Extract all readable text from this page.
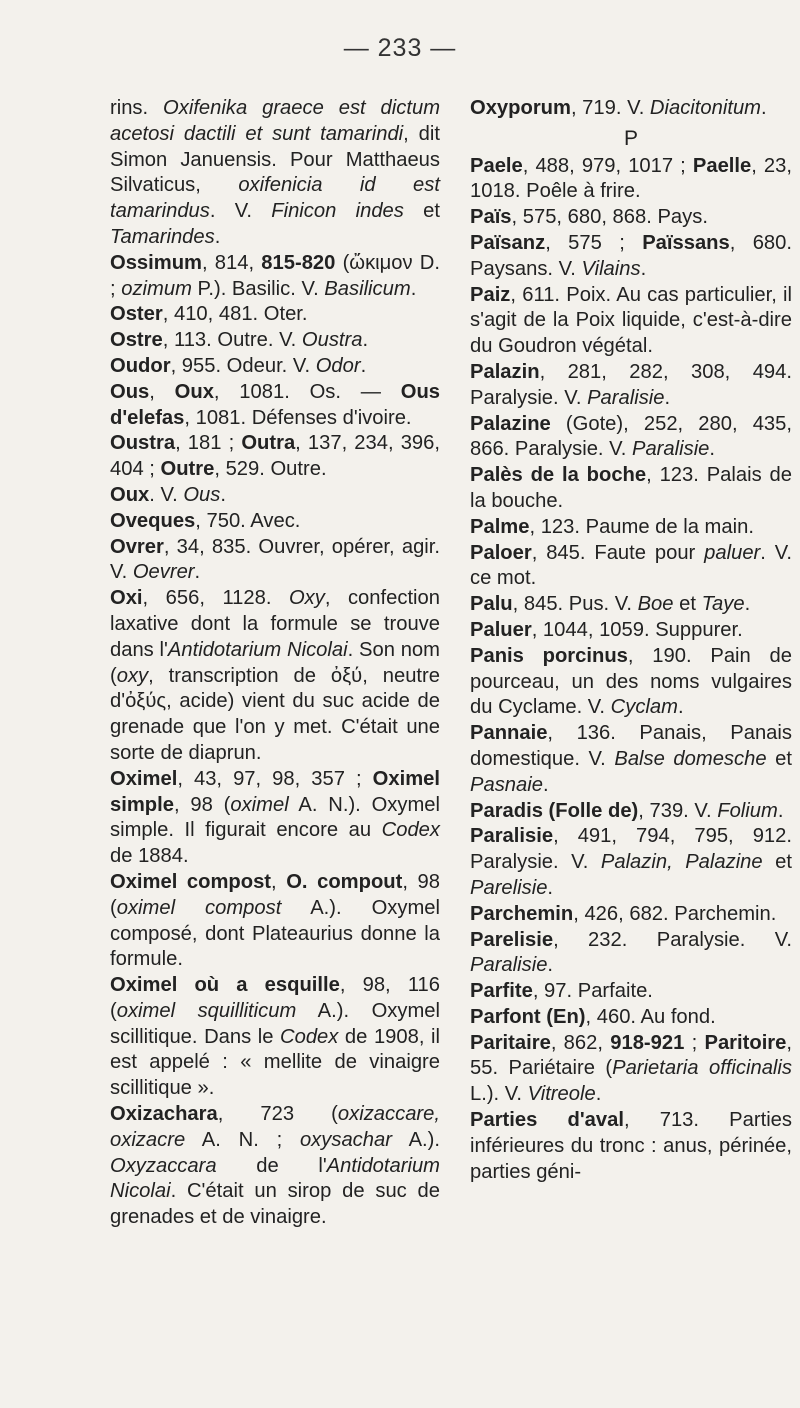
— 233 —

rins. Oxifenika graece est dictum acetosi dactili et sunt tamarindi, dit Simon Januensis. Pour Matthaeus Silvaticus, oxifenicia id est tamarindus. V. Finicon indes et Tamarindes.

Ossimum, 814, 815-820 (ὤκιμον D. ; ozimum P.). Basilic. V. Basilicum.

Oster, 410, 481. Oter.

Ostre, 113. Outre. V. Oustra.

Oudor, 955. Odeur. V. Odor.

Ous, Oux, 1081. Os. — Ous d'elefas, 1081. Défenses d'ivoire.

Oustra, 181 ; Outra, 137, 234, 396, 404 ; Outre, 529. Outre.

Oux. V. Ous.

Oveques, 750. Avec.

Ovrer, 34, 835. Ouvrer, opérer, agir. V. Oevrer.

Oxi, 656, 1128. Oxy, confection laxative dont la formule se trouve dans l'Antidotarium Nicolai. Son nom (oxy, transcription de ὀξύ, neutre d'ὀξύς, acide) vient du suc acide de grenade que l'on y met. C'était une sorte de diaprun.

Oximel, 43, 97, 98, 357 ; Oximel simple, 98 (oximel A. N.). Oxymel simple. Il figurait encore au Codex de 1884.

Oximel compost, O. compout, 98 (oximel compost A.). Oxymel composé, dont Plateaurius donne la formule.

Oximel où a esquille, 98, 116 (oximel squilliticum A.). Oxymel scillitique. Dans le Codex de 1908, il est appelé : « mellite de vinaigre scillitique ».

Oxizachara, 723 (oxizaccare, oxizacre A. N. ; oxysachar A.). Oxyzaccara de l'Antidotarium Nicolai. C'était un sirop de suc de grenades et de vinaigre.

Oxyporum, 719. V. Diacitonitum.

P

Paele, 488, 979, 1017 ; Paelle, 23, 1018. Poêle à frire.

Païs, 575, 680, 868. Pays.

Païsanz, 575 ; Païssans, 680. Paysans. V. Vilains.

Paiz, 611. Poix. Au cas particulier, il s'agit de la Poix liquide, c'est-à-dire du Goudron végétal.

Palazin, 281, 282, 308, 494. Paralysie. V. Paralisie.

Palazine (Gote), 252, 280, 435, 866. Paralysie. V. Paralisie.

Palès de la boche, 123. Palais de la bouche.

Palme, 123. Paume de la main.

Paloer, 845. Faute pour paluer. V. ce mot.

Palu, 845. Pus. V. Boe et Taye.

Paluer, 1044, 1059. Suppurer.

Panis porcinus, 190. Pain de pourceau, un des noms vulgaires du Cyclame. V. Cyclam.

Pannaie, 136. Panais, Panais domestique. V. Balse domesche et Pasnaie.

Paradis (Folle de), 739. V. Folium.

Paralisie, 491, 794, 795, 912. Paralysie. V. Palazin, Palazine et Parelisie.

Parchemin, 426, 682. Parchemin.

Parelisie, 232. Paralysie. V. Paralisie.

Parfite, 97. Parfaite.

Parfont (En), 460. Au fond.

Paritaire, 862, 918-921 ; Paritoire, 55. Pariétaire (Parietaria officinalis L.). V. Vitreole.

Parties d'aval, 713. Parties inférieures du tronc : anus, périnée, parties géni-
